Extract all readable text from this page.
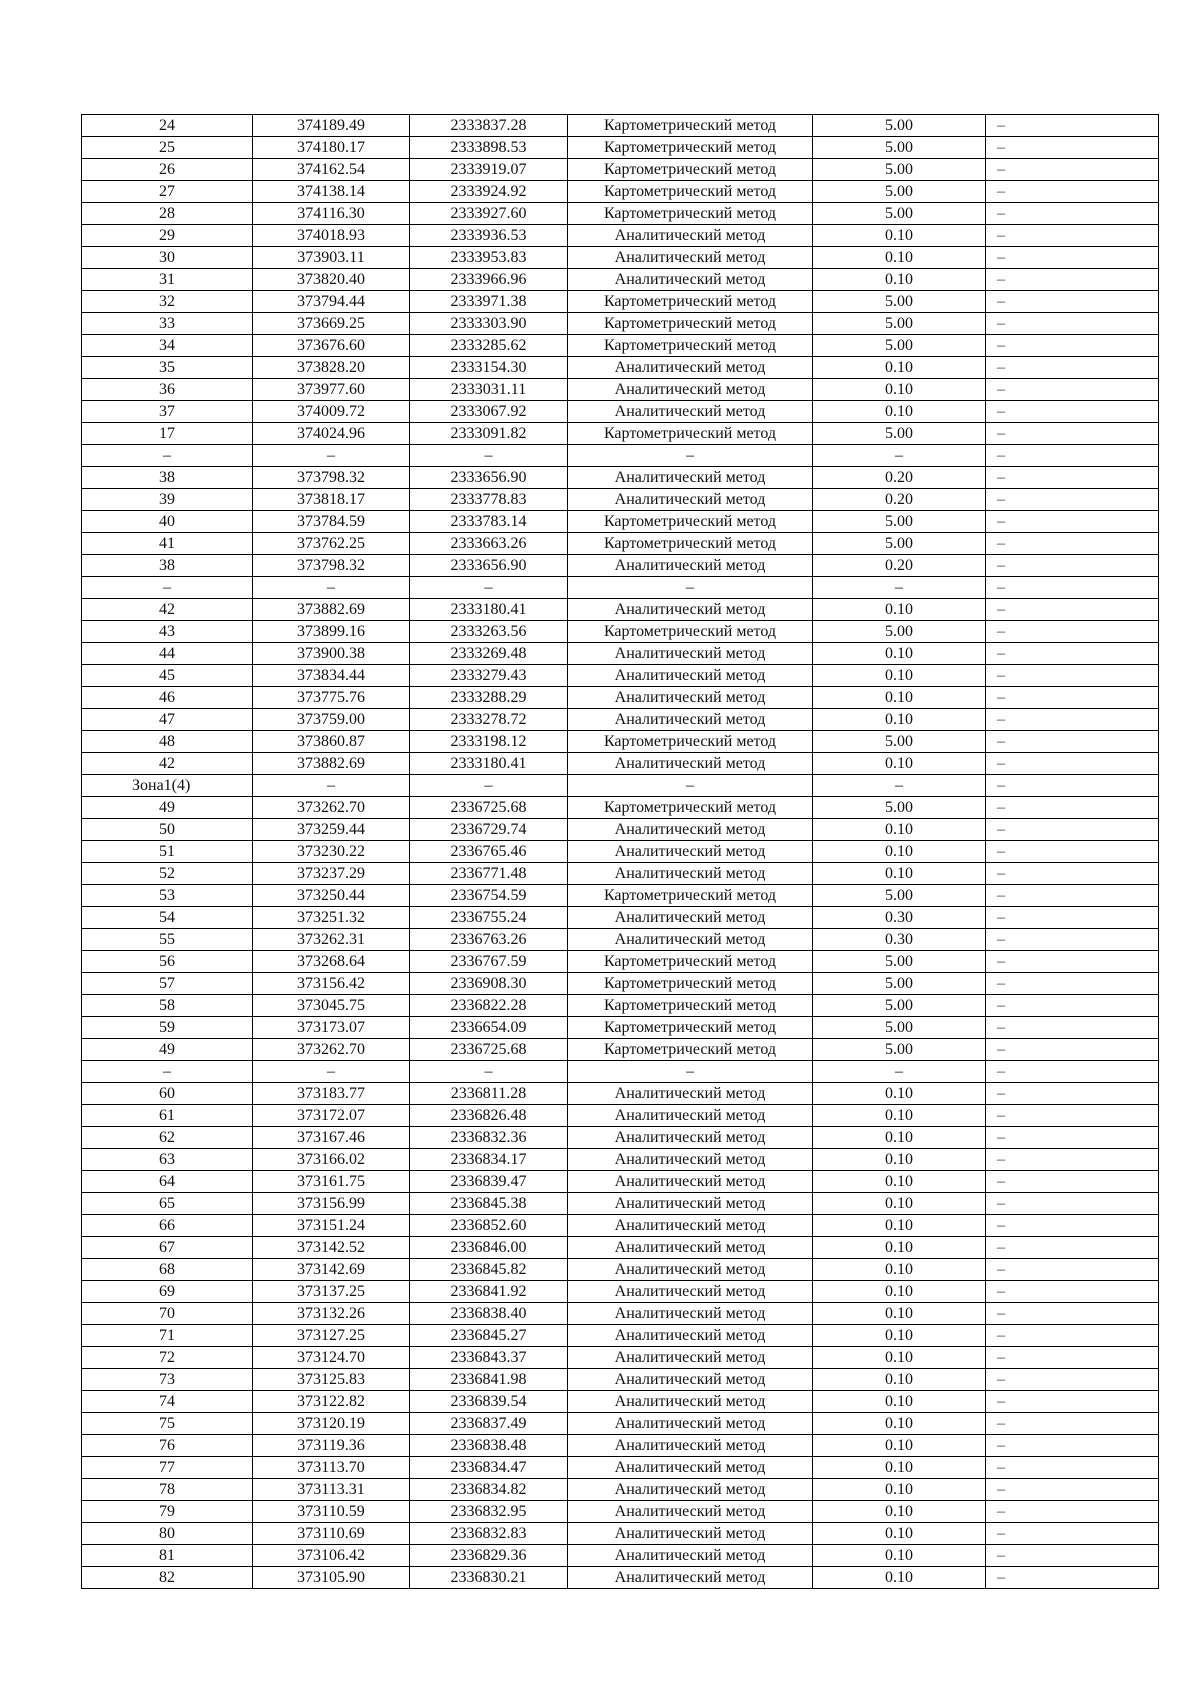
24	374189.49	2333837.28	Картометрический метод	5.00	–
25	374180.17	2333898.53	Картометрический метод	5.00	–
26	374162.54	2333919.07	Картометрический метод	5.00	–
27	374138.14	2333924.92	Картометрический метод	5.00	–
28	374116.30	2333927.60	Картометрический метод	5.00	–
29	374018.93	2333936.53	Аналитический метод	0.10	–
30	373903.11	2333953.83	Аналитический метод	0.10	–
31	373820.40	2333966.96	Аналитический метод	0.10	–
32	373794.44	2333971.38	Картометрический метод	5.00	–
33	373669.25	2333303.90	Картометрический метод	5.00	–
34	373676.60	2333285.62	Картометрический метод	5.00	–
35	373828.20	2333154.30	Аналитический метод	0.10	–
36	373977.60	2333031.11	Аналитический метод	0.10	–
37	374009.72	2333067.92	Аналитический метод	0.10	–
17	374024.96	2333091.82	Картометрический метод	5.00	–
–	–	–	–	–	–
38	373798.32	2333656.90	Аналитический метод	0.20	–
39	373818.17	2333778.83	Аналитический метод	0.20	–
40	373784.59	2333783.14	Картометрический метод	5.00	–
41	373762.25	2333663.26	Картометрический метод	5.00	–
38	373798.32	2333656.90	Аналитический метод	0.20	–
–	–	–	–	–	–
42	373882.69	2333180.41	Аналитический метод	0.10	–
43	373899.16	2333263.56	Картометрический метод	5.00	–
44	373900.38	2333269.48	Аналитический метод	0.10	–
45	373834.44	2333279.43	Аналитический метод	0.10	–
46	373775.76	2333288.29	Аналитический метод	0.10	–
47	373759.00	2333278.72	Аналитический метод	0.10	–
48	373860.87	2333198.12	Картометрический метод	5.00	–
42	373882.69	2333180.41	Аналитический метод	0.10	–
Зона1(4)	–	–	–	–	–
49	373262.70	2336725.68	Картометрический метод	5.00	–
50	373259.44	2336729.74	Аналитический метод	0.10	–
51	373230.22	2336765.46	Аналитический метод	0.10	–
52	373237.29	2336771.48	Аналитический метод	0.10	–
53	373250.44	2336754.59	Картометрический метод	5.00	–
54	373251.32	2336755.24	Аналитический метод	0.30	–
55	373262.31	2336763.26	Аналитический метод	0.30	–
56	373268.64	2336767.59	Картометрический метод	5.00	–
57	373156.42	2336908.30	Картометрический метод	5.00	–
58	373045.75	2336822.28	Картометрический метод	5.00	–
59	373173.07	2336654.09	Картометрический метод	5.00	–
49	373262.70	2336725.68	Картометрический метод	5.00	–
–	–	–	–	–	–
60	373183.77	2336811.28	Аналитический метод	0.10	–
61	373172.07	2336826.48	Аналитический метод	0.10	–
62	373167.46	2336832.36	Аналитический метод	0.10	–
63	373166.02	2336834.17	Аналитический метод	0.10	–
64	373161.75	2336839.47	Аналитический метод	0.10	–
65	373156.99	2336845.38	Аналитический метод	0.10	–
66	373151.24	2336852.60	Аналитический метод	0.10	–
67	373142.52	2336846.00	Аналитический метод	0.10	–
68	373142.69	2336845.82	Аналитический метод	0.10	–
69	373137.25	2336841.92	Аналитический метод	0.10	–
70	373132.26	2336838.40	Аналитический метод	0.10	–
71	373127.25	2336845.27	Аналитический метод	0.10	–
72	373124.70	2336843.37	Аналитический метод	0.10	–
73	373125.83	2336841.98	Аналитический метод	0.10	–
74	373122.82	2336839.54	Аналитический метод	0.10	–
75	373120.19	2336837.49	Аналитический метод	0.10	–
76	373119.36	2336838.48	Аналитический метод	0.10	–
77	373113.70	2336834.47	Аналитический метод	0.10	–
78	373113.31	2336834.82	Аналитический метод	0.10	–
79	373110.59	2336832.95	Аналитический метод	0.10	–
80	373110.69	2336832.83	Аналитический метод	0.10	–
81	373106.42	2336829.36	Аналитический метод	0.10	–
82	373105.90	2336830.21	Аналитический метод	0.10	–
